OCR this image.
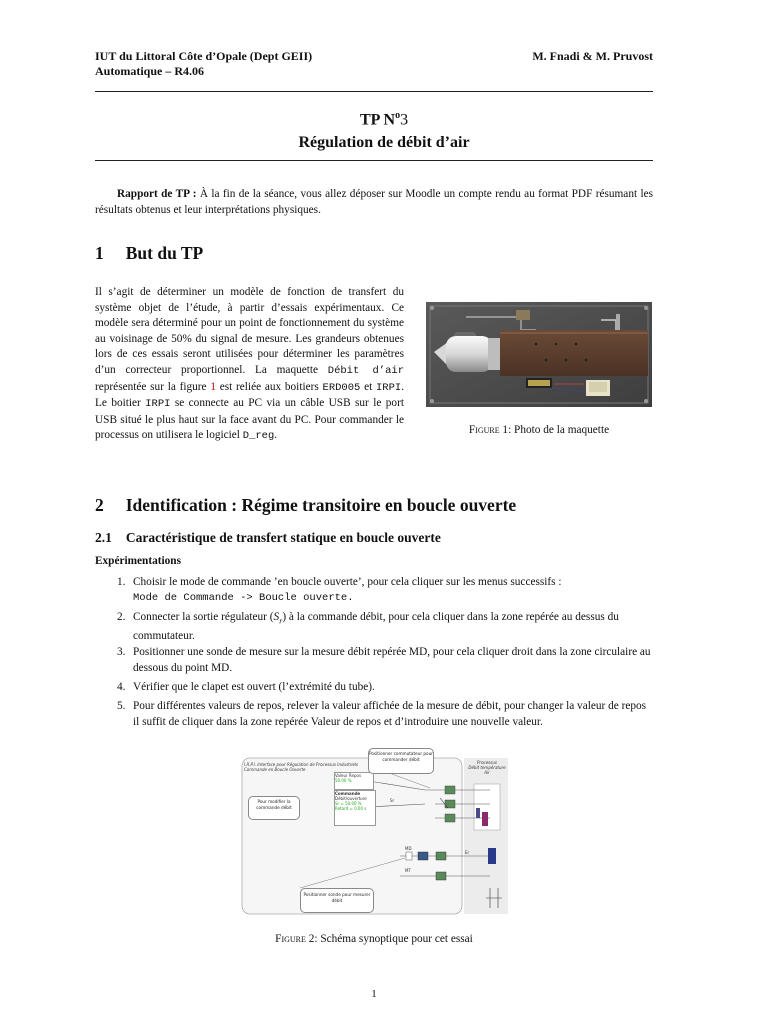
IUT du Littoral Côte d’Opale (Dept GEII)
Automatique – R4.06
M. Fnadi & M. Pruvost
TP $N^o3$
Régulation de débit d’air
Rapport de TP : À la fin de la séance, vous allez déposer sur Moodle un compte rendu au format PDF résumant les résultats obtenus et leur interprétations physiques.
1 But du TP
Il s’agit de déterminer un modèle de fonction de transfert du système objet de l’étude, à partir d’essais expérimentaux. Ce modèle sera déterminé pour un point de fonctionnement du système au voisinage de 50% du signal de mesure. Les grandeurs obtenues lors de ces essais seront utilisées pour déterminer les paramètres d’un correcteur proportionnel. La maquette Débit d’air représentée sur la figure 1 est reliée aux boitiers ERD005 et IRPI. Le boitier IRPI se connecte au PC via un câble USB sur le port USB situé le plus haut sur la face avant du PC. Pour commander le processus on utilisera le logiciel D_reg.	Figure 1: Photo de la maquette
2 Identification : Régime transitoire en boucle ouverte
2.1 Caractéristique de transfert statique en boucle ouverte
Expérimentations
1. Choisir le mode de commande ’en boucle ouverte’, pour cela cliquer sur les menus successifs :
Mode de Commande -> Boucle ouverte.
2. Connecter la sortie régulateur $(S_r)$ à la commande débit, pour cela cliquer dans la zone repérée au dessus du commutateur.
3. Positionner une sonde de mesure sur la mesure débit repérée MD, pour cela cliquer droit dans la zone circulaire au dessous du point MD.
4. Vérifier que le clapet est ouvert (l’extrémité du tube).
5. Pour différentes valeurs de repos, relever la valeur affichée de la mesure de débit, pour changer la valeur de repos il suffit de cliquer dans la zone repérée Valeur de repos et d’introduire une nouvelle valeur.
I.R.P.I. Interface pour Régulation de Processus Industriels
Commande en Boucle Ouverte
Valeur Repos
50.00 %
Commande
Débit/ouverture
Sr = 50.00 %
Retard = 0.00 s
Positionner commutateur pour commander débit
Pour modifier la commande débit
Positionner sonde pour mesurer débit
Processus
Débit température
Air
Sr
MD
MT
Er
Figure 2: Schéma synoptique pour cet essai
1
